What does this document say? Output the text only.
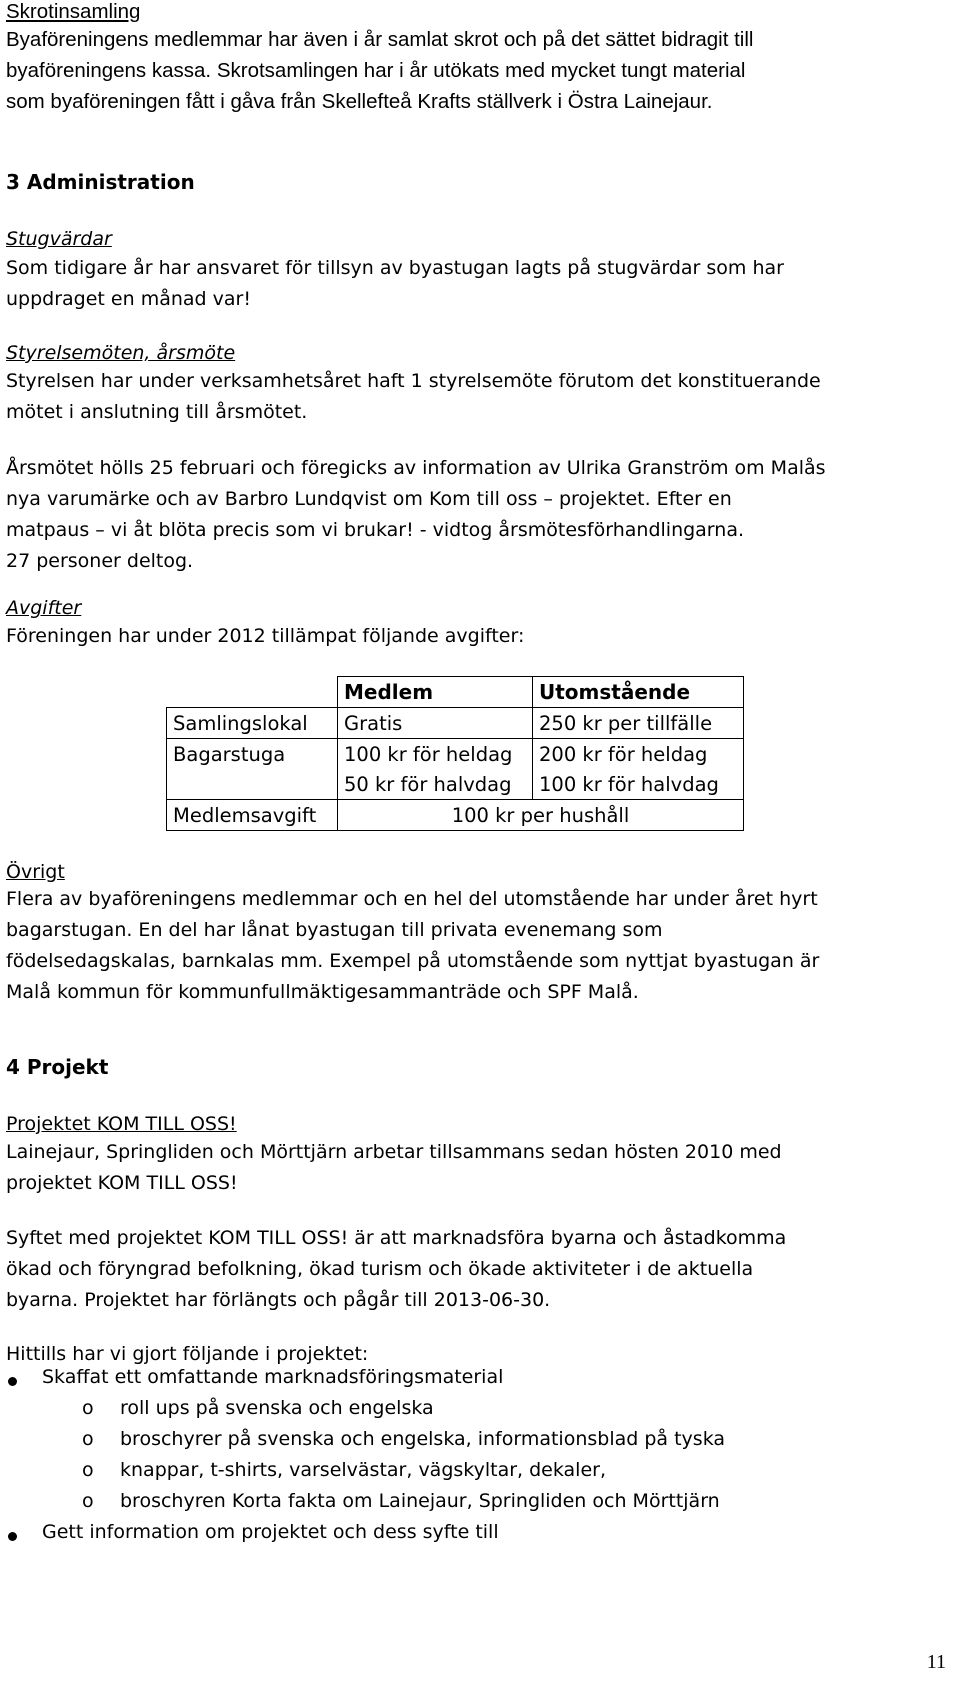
Skrotinsamling
Byaföreningens medlemmar har även i år samlat skrot och på det sättet bidragit till
byaföreningens kassa. Skrotsamlingen har i år utökats med mycket tungt material
som byaföreningen fått i gåva från Skellefteå Krafts ställverk i Östra Lainejaur.
3 Administration
Stugvärdar
Som tidigare år har ansvaret för tillsyn av byastugan lagts på stugvärdar som har
uppdraget en månad var!
Styrelsemöten, årsmöte
Styrelsen har under verksamhetsåret haft 1 styrelsemöte förutom det konstituerande
mötet i anslutning till årsmötet.
Årsmötet hölls 25 februari och föregicks av information av Ulrika Granström om Malås
nya varumärke och av Barbro Lundqvist om Kom till oss – projektet. Efter en
matpaus – vi åt blöta precis som vi brukar! - vidtog årsmötesförhandlingarna.
27 personer deltog.
Avgifter
Föreningen har under 2012 tillämpat följande avgifter:
	Medlem	Utomstående
Samlingslokal	Gratis	250 kr per tillfälle
Bagarstuga	100 kr för heldag	200 kr för heldag
	50 kr för halvdag	100 kr för halvdag
Medlemsavgift	100 kr per hushåll	
Övrigt
Flera av byaföreningens medlemmar och en hel del utomstående har under året hyrt
bagarstugan. En del har lånat byastugan till privata evenemang som
födelsedagskalas, barnkalas mm. Exempel på utomstående som nyttjat byastugan är
Malå kommun för kommunfullmäktigesammanträde och SPF Malå.
4 Projekt
Projektet KOM TILL OSS!
Lainejaur, Springliden och Mörttjärn arbetar tillsammans sedan hösten 2010 med
projektet KOM TILL OSS!
Syftet med projektet KOM TILL OSS! är att marknadsföra byarna och åstadkomma
ökad och föryngrad befolkning, ökad turism och ökade aktiviteter i de aktuella
byarna. Projektet har förlängts och pågår till 2013-06-30.
Hittills har vi gjort följande i projektet:
Skaffat ett omfattande marknadsföringsmaterial
o roll ups på svenska och engelska
o broschyrer på svenska och engelska, informationsblad på tyska
o knappar, t-shirts, varselvästar, vägskyltar, dekaler,
o broschyren Korta fakta om Lainejaur, Springliden och Mörttjärn
Gett information om projektet och dess syfte till
11
